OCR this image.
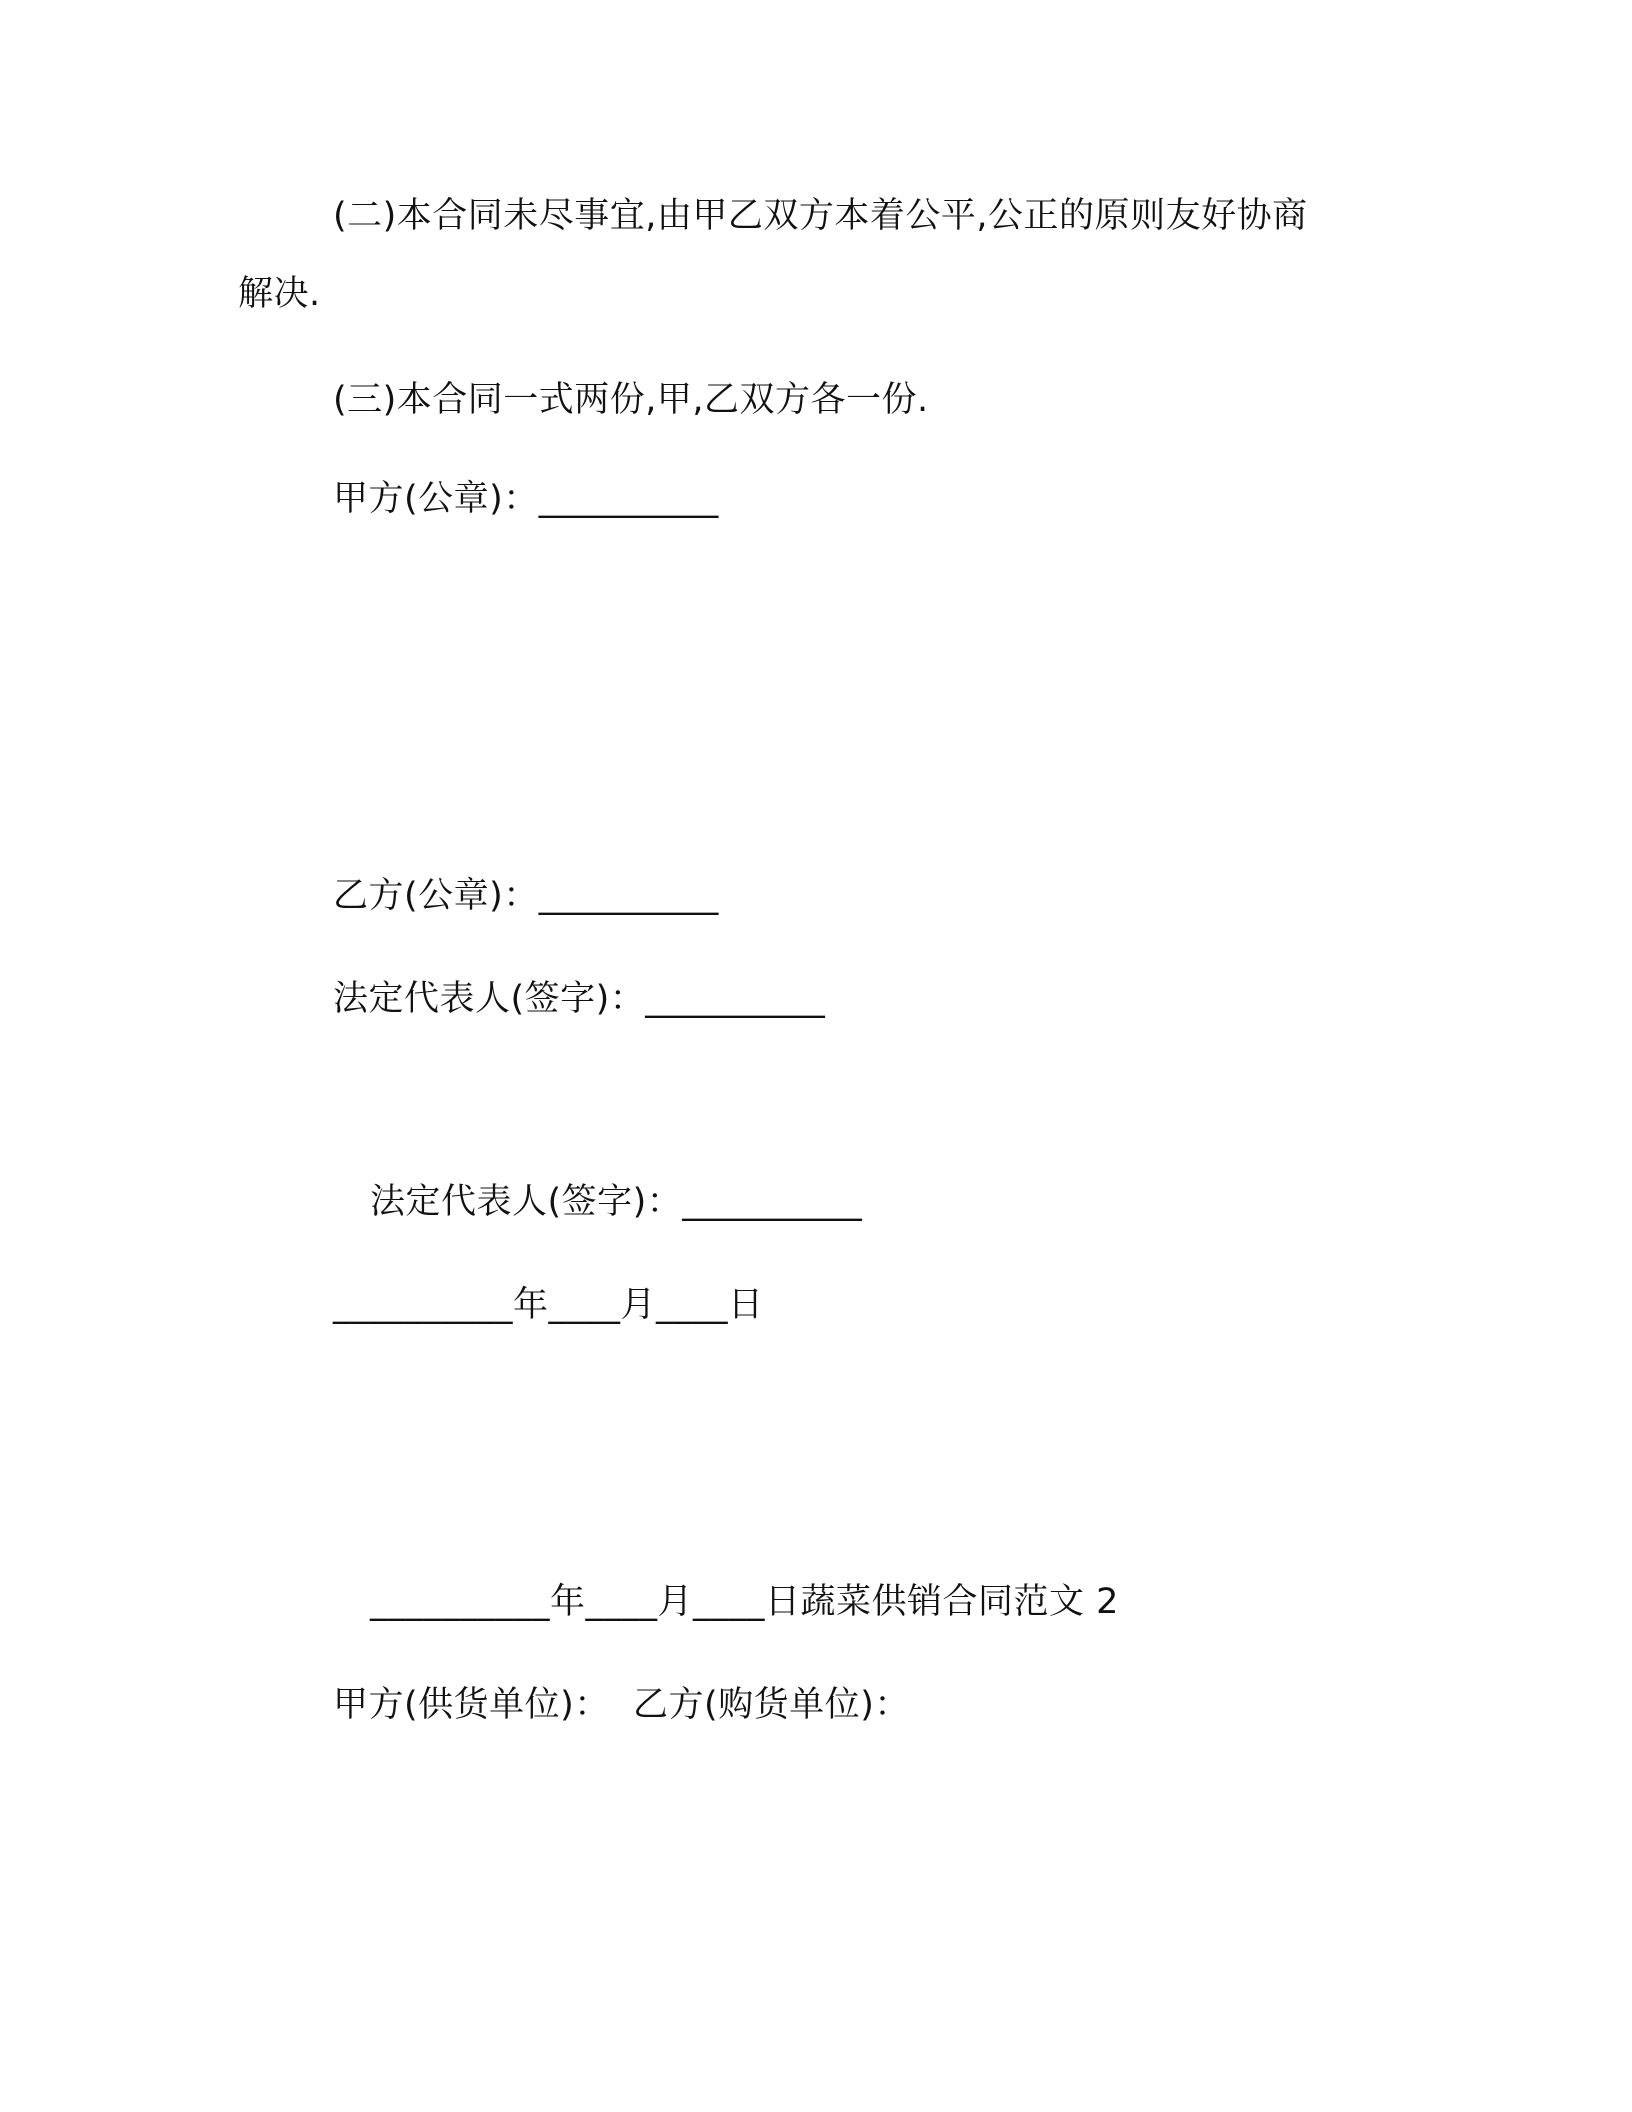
(二)本合同未尽事宜,由甲乙双方本着公平,公正的原则友好协商
解决.
(三)本合同一式两份,甲,乙双方各一份.
甲方(公章)：__________
乙方(公章)：__________
法定代表人(签字)：__________
法定代表人(签字)：__________
__________年____月____日
__________年____月____日蔬菜供销合同范文 2
甲方(供货单位)：  乙方(购货单位)：
